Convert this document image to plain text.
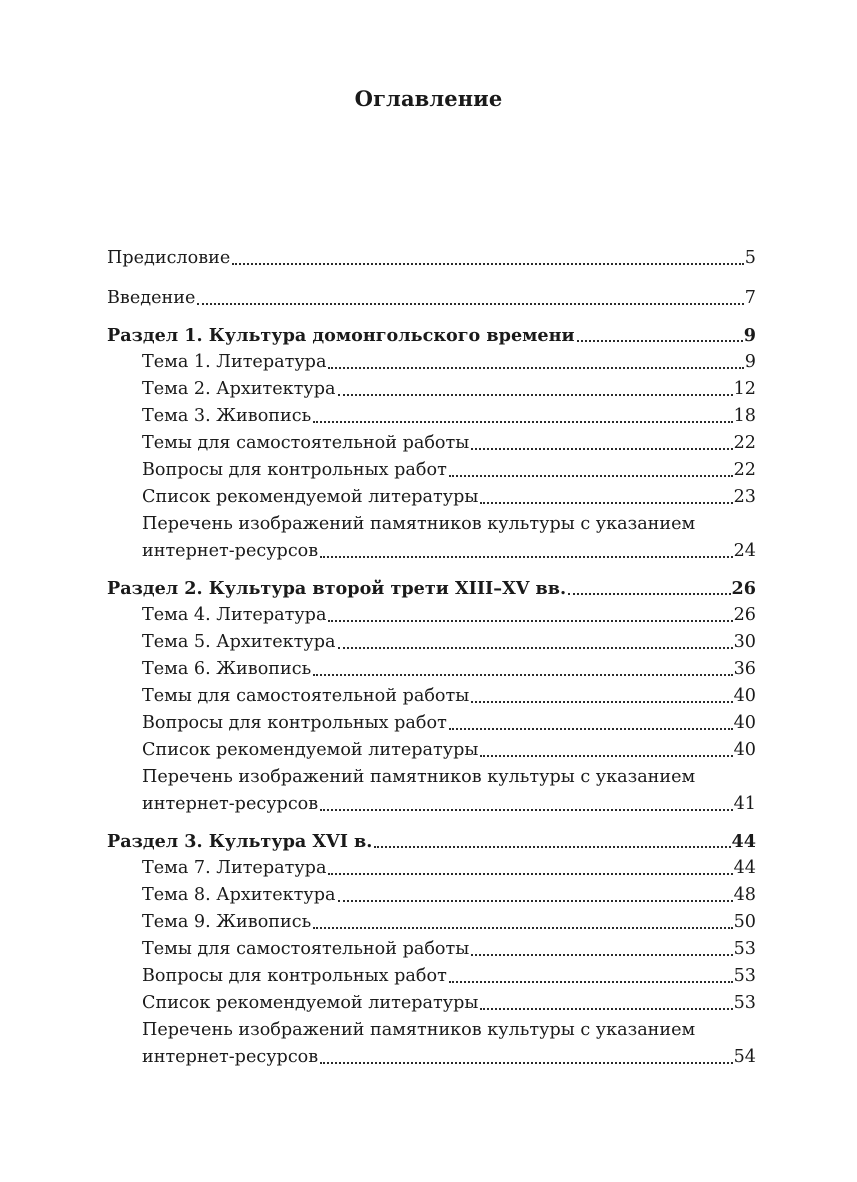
Оглавление
Предисловие	5
Введение	7
Раздел 1. Культура домонгольского времени	9
Тема 1. Литература	9
Тема 2. Архитектура	12
Тема 3. Живопись	18
Темы для самостоятельной работы	22
Вопросы для контрольных работ	22
Список рекомендуемой литературы	23
Перечень изображений памятников культуры с указанием
интернет-ресурсов	24
Раздел 2. Культура второй трети XIII–XV вв.	26
Тема 4. Литература	26
Тема 5. Архитектура	30
Тема 6. Живопись	36
Темы для самостоятельной работы	40
Вопросы для контрольных работ	40
Список рекомендуемой литературы	40
Перечень изображений памятников культуры с указанием
интернет-ресурсов	41
Раздел 3. Культура XVI в.	44
Тема 7. Литература	44
Тема 8. Архитектура	48
Тема 9. Живопись	50
Темы для самостоятельной работы	53
Вопросы для контрольных работ	53
Список рекомендуемой литературы	53
Перечень изображений памятников культуры с указанием
интернет-ресурсов	54
